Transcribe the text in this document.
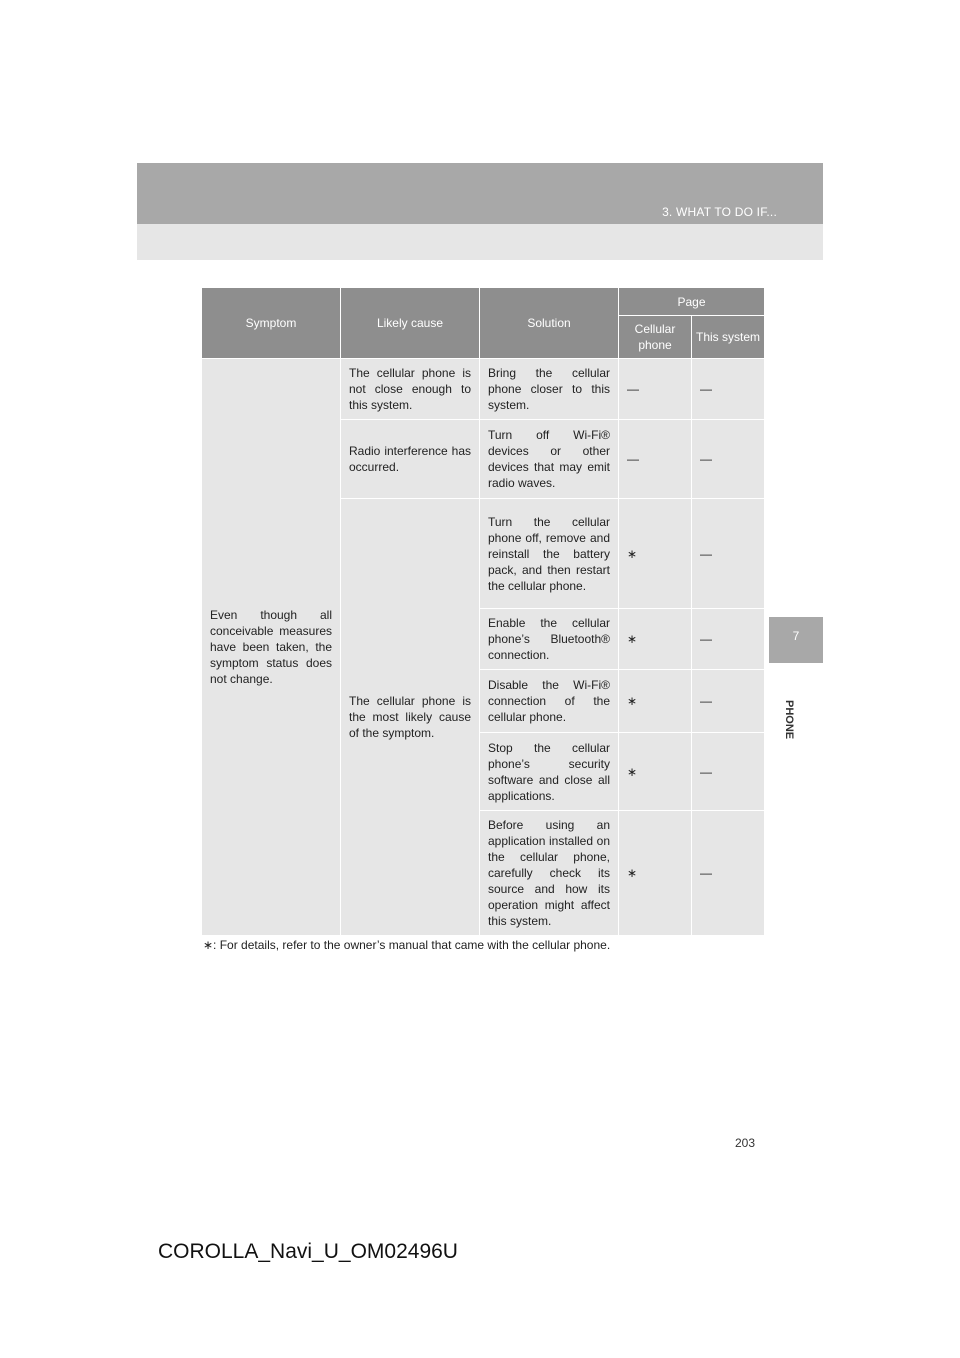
3. WHAT TO DO IF...
7
PHONE
Symptom	Likely cause	Solution	Page	
			Cellular phone	This system
Even though all conceivable measures have been taken, the symptom status does not change.	The cellular phone is not close enough to this system.	Bring the cellular phone closer to this system.	—	—
	Radio interference has occurred.	Turn off Wi-Fi® devices or other devices that may emit radio waves.	—	—
	The cellular phone is the most likely cause of the symptom.	Turn the cellular phone off, remove and reinstall the battery pack, and then restart the cellular phone.	∗	—
		Enable the cellular phone’s Bluetooth® connection.	∗	—
		Disable the Wi-Fi® connection of the cellular phone.	∗	—
		Stop the cellular phone’s security software and close all applications.	∗	—
		Before using an application installed on the cellular phone, carefully check its source and how its operation might affect this system.	∗	—
∗: For details, refer to the owner’s manual that came with the cellular phone.
203
COROLLA_Navi_U_OM02496U
